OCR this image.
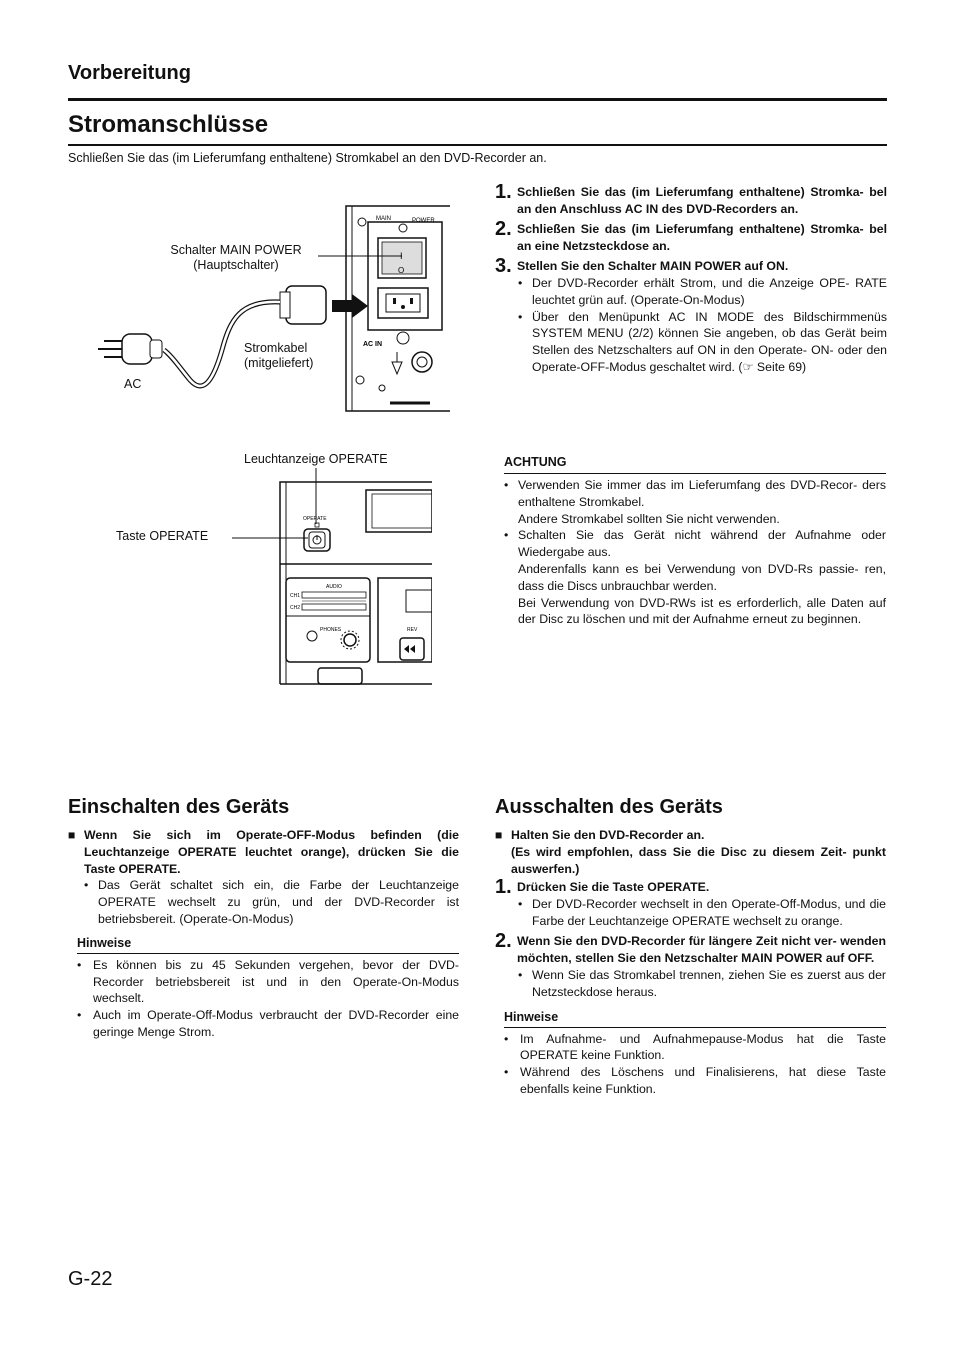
Vorbereitung
Stromanschlüsse
Schließen Sie das (im Lieferumfang enthaltene) Stromkabel an den DVD-Recorder an.
MAIN	POWER
AC IN
I
O
Schalter MAIN POWER
(Hauptschalter)
Stromkabel
(mitgeliefert)
AC
OPERATE
AUDIO
CH1
CH2
PHONES	REV
Leuchtanzeige OPERATE
Taste OPERATE
1. Schließen Sie das (im Lieferumfang enthaltene) Stromka- bel an den Anschluss AC IN des DVD-Recorders an.
2. Schließen Sie das (im Lieferumfang enthaltene) Stromka- bel an eine Netzsteckdose an.
3. Stellen Sie den Schalter MAIN POWER auf ON.
• Der DVD-Recorder erhält Strom, und die Anzeige OPE- RATE leuchtet grün auf. (Operate-On-Modus)
• Über den Menüpunkt AC IN MODE des Bildschirmmenüs SYSTEM MENU (2/2) können Sie angeben, ob das Gerät beim Stellen des Netzschalters auf ON in den Operate- ON- oder den Operate-OFF-Modus geschaltet wird. (☞ Seite 69)
ACHTUNG
• Verwenden Sie immer das im Lieferumfang des DVD-Recor- ders enthaltene Stromkabel.
Andere Stromkabel sollten Sie nicht verwenden.
• Schalten Sie das Gerät nicht während der Aufnahme oder Wiedergabe aus.
Anderenfalls kann es bei Verwendung von DVD-Rs passie- ren, dass die Discs unbrauchbar werden.
Bei Verwendung von DVD-RWs ist es erforderlich, alle Daten auf der Disc zu löschen und mit der Aufnahme erneut zu beginnen.
Einschalten des Geräts
■ Wenn Sie sich im Operate-OFF-Modus befinden (die Leuchtanzeige OPERATE leuchtet orange), drücken Sie die Taste OPERATE.
• Das Gerät schaltet sich ein, die Farbe der Leuchtanzeige OPERATE wechselt zu grün, und der DVD-Recorder ist betriebsbereit. (Operate-On-Modus)
Hinweise
• Es können bis zu 45 Sekunden vergehen, bevor der DVD- Recorder betriebsbereit ist und in den Operate-On-Modus wechselt.
• Auch im Operate-Off-Modus verbraucht der DVD-Recorder eine geringe Menge Strom.
Ausschalten des Geräts
■ Halten Sie den DVD-Recorder an.
(Es wird empfohlen, dass Sie die Disc zu diesem Zeit- punkt auswerfen.)
1. Drücken Sie die Taste OPERATE.
• Der DVD-Recorder wechselt in den Operate-Off-Modus, und die Farbe der Leuchtanzeige OPERATE wechselt zu orange.
2. Wenn Sie den DVD-Recorder für längere Zeit nicht ver- wenden möchten, stellen Sie den Netzschalter MAIN POWER auf OFF.
• Wenn Sie das Stromkabel trennen, ziehen Sie es zuerst aus der Netzsteckdose heraus.
Hinweise
• Im Aufnahme- und Aufnahmepause-Modus hat die Taste OPERATE keine Funktion.
• Während des Löschens und Finalisierens, hat diese Taste ebenfalls keine Funktion.
G-22
